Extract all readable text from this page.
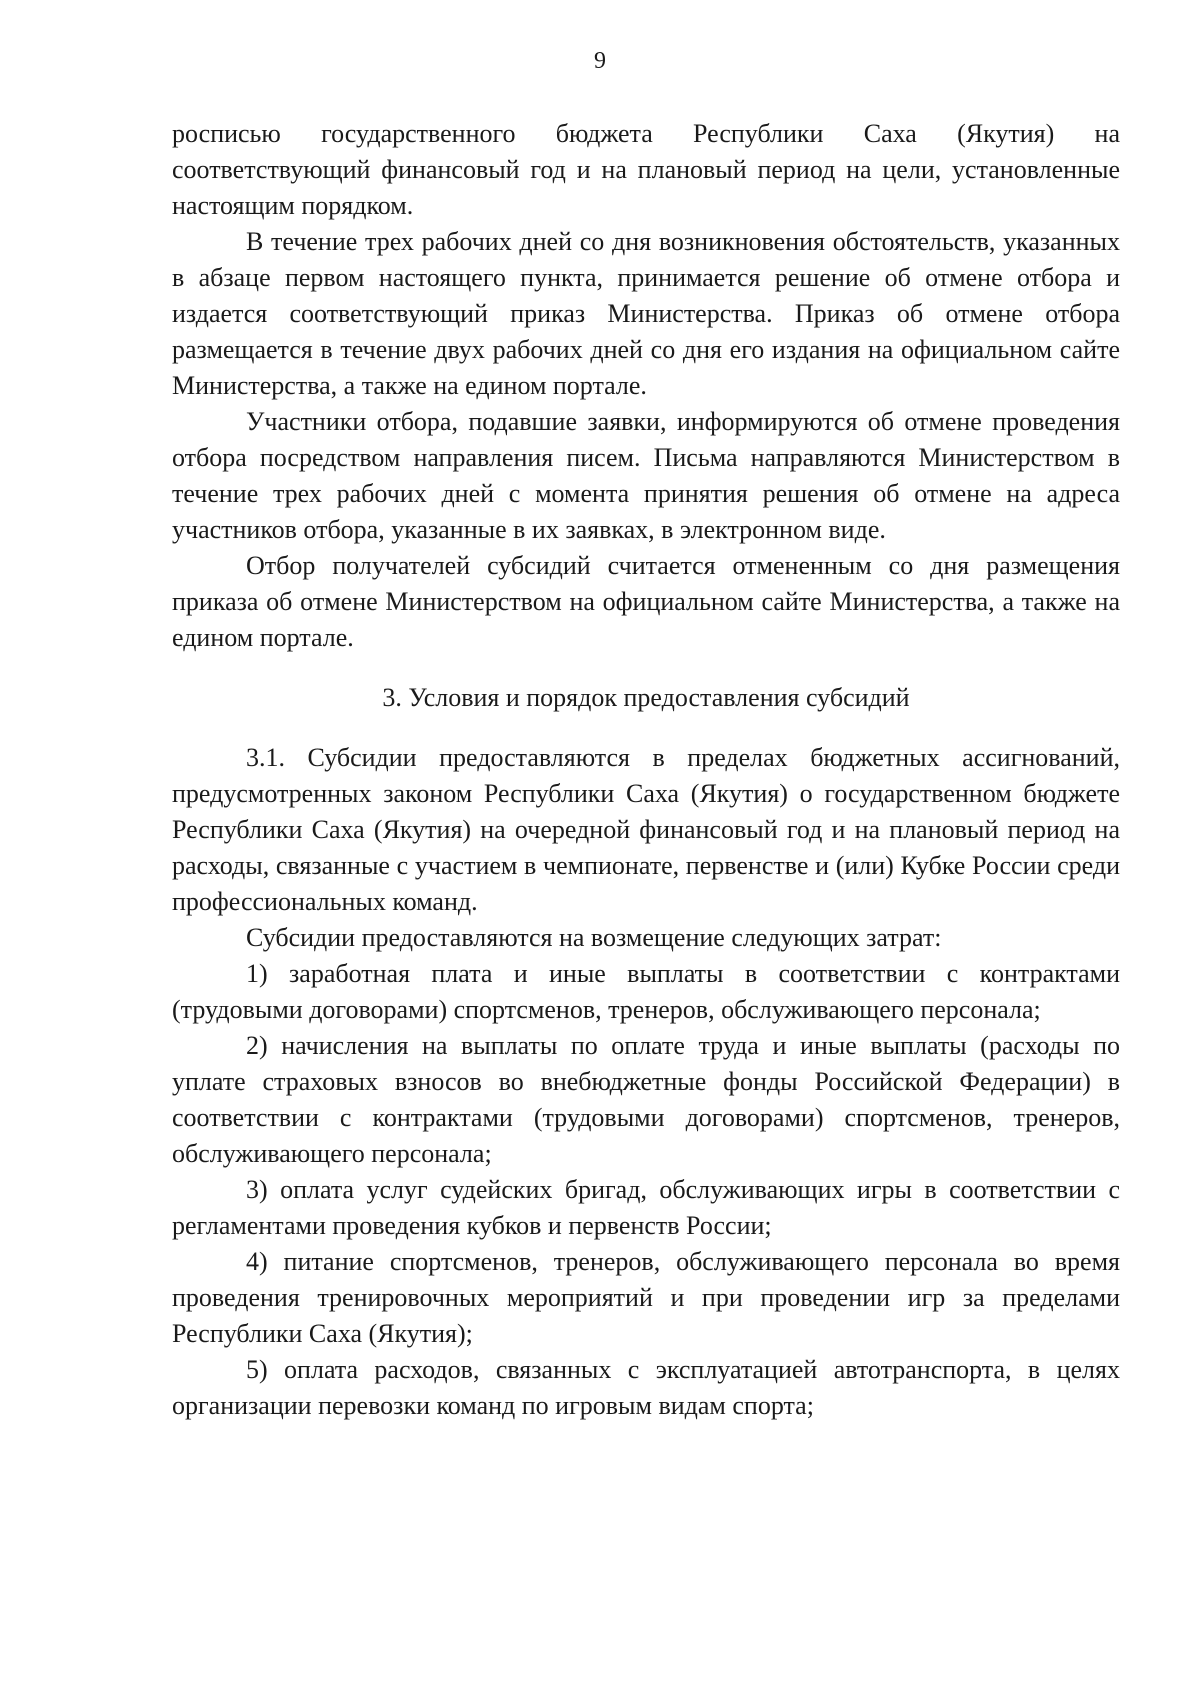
9

росписью государственного бюджета Республики Саха (Якутия) на соответствующий финансовый год и на плановый период на цели, установленные настоящим порядком.

В течение трех рабочих дней со дня возникновения обстоятельств, указанных в абзаце первом настоящего пункта, принимается решение об отмене отбора и издается соответствующий приказ Министерства. Приказ об отмене отбора размещается в течение двух рабочих дней со дня его издания на официальном сайте Министерства, а также на едином портале.

Участники отбора, подавшие заявки, информируются об отмене проведения отбора посредством направления писем. Письма направляются Министерством в течение трех рабочих дней с момента принятия решения об отмене на адреса участников отбора, указанные в их заявках, в электронном виде.

Отбор получателей субсидий считается отмененным со дня размещения приказа об отмене Министерством на официальном сайте Министерства, а также на едином портале.

3. Условия и порядок предоставления субсидий

3.1. Субсидии предоставляются в пределах бюджетных ассигнований, предусмотренных законом Республики Саха (Якутия) о государственном бюджете Республики Саха (Якутия) на очередной финансовый год и на плановый период на расходы, связанные с участием в чемпионате, первенстве и (или) Кубке России среди профессиональных команд.

Субсидии предоставляются на возмещение следующих затрат:

1) заработная плата и иные выплаты в соответствии с контрактами (трудовыми договорами) спортсменов, тренеров, обслуживающего персонала;

2) начисления на выплаты по оплате труда и иные выплаты (расходы по уплате страховых взносов во внебюджетные фонды Российской Федерации) в соответствии с контрактами (трудовыми договорами) спортсменов, тренеров, обслуживающего персонала;

3) оплата услуг судейских бригад, обслуживающих игры в соответствии с регламентами проведения кубков и первенств России;

4) питание спортсменов, тренеров, обслуживающего персонала во время проведения тренировочных мероприятий и при проведении игр за пределами Республики Саха (Якутия);

5) оплата расходов, связанных с эксплуатацией автотранспорта, в целях организации перевозки команд по игровым видам спорта;
